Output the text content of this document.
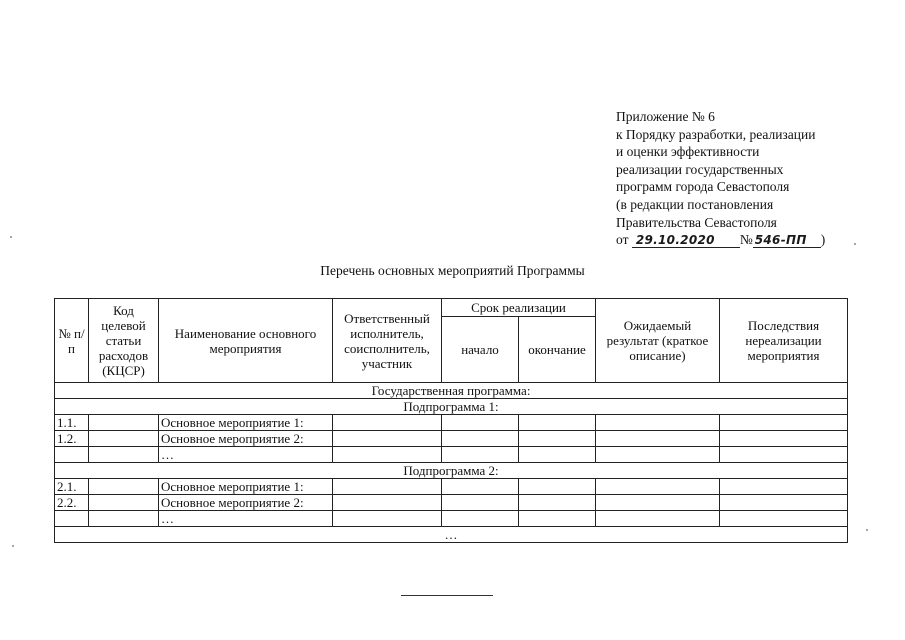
Приложение № 6
к Порядку разработки, реализации
и оценки эффективности
реализации государственных
программ города Севастополя
(в редакции постановления
Правительства Севастополя
от 29.10.2020 № 546-ПП )
Перечень основных мероприятий Программы
№ п/п	Код целевой статьи расходов (КЦСР)	Наименование основного мероприятия	Ответственный исполнитель, соисполнитель, участник	Срок реализации		Ожидаемый результат (краткое описание)	Последствия нереализации мероприятия
				начало	окончание		
Государственная программа:							
Подпрограмма 1:							
1.1.		Основное мероприятие 1:					
1.2.		Основное мероприятие 2:					
		…					
Подпрограмма 2:							
2.1.		Основное мероприятие 1:					
2.2.		Основное мероприятие 2:					
		…					
…							
